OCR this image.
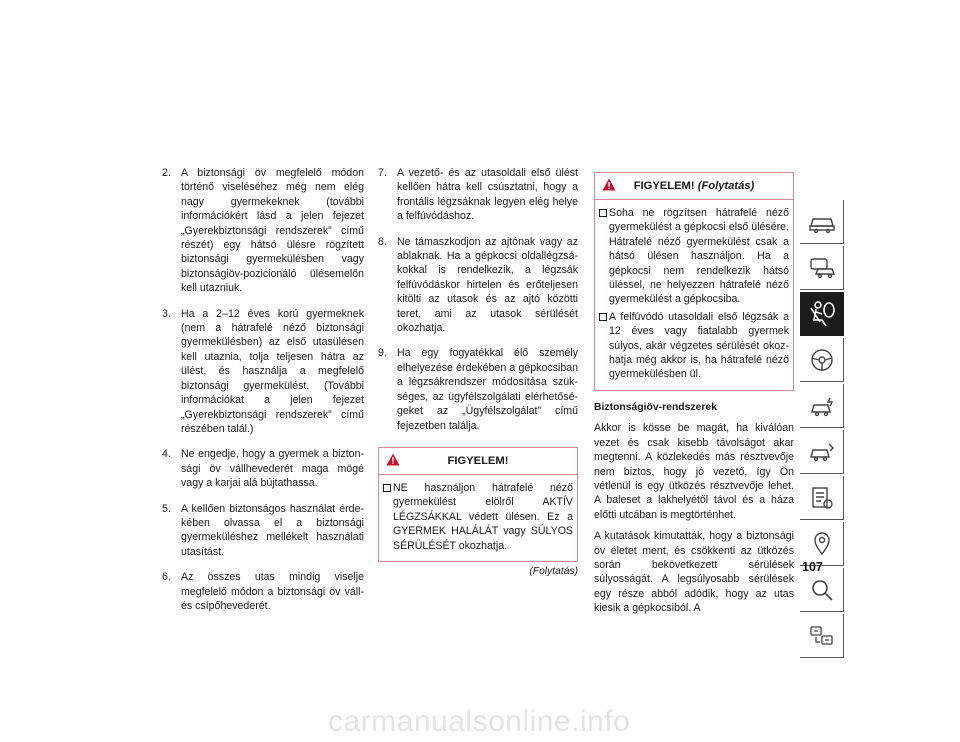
2. A biztonsági öv megfelelő módon történő viseléséhez még nem elég nagy gyermekeknek (további információkért lásd a jelen fejezet „Gyerekbiztonsági rendszerek” című részét) egy hátsó ülésre rögzített biztonsági gyermekülésben vagy biztonságiöv-pozicionáló ülésemelőn kell utazniuk.
3. Ha a 2–12 éves korú gyermeknek (nem a hátrafelé néző biztonsági gyermekülésben) az első utasülésen kell utaznia, tolja teljesen hátra az ülést, és használja a megfelelő biztonsági gyermekülést. (További információkat a jelen fejezet „Gyerekbiztonsági rendszerek” című részében talál.)
4. Ne engedje, hogy a gyermek a biztonsági öv vállhevederét maga mögé vagy a karjai alá bújtathassa.
5. A kellően biztonságos használat érdekében olvassa el a biztonsági gyermeküléshez mellékelt használati utasítást.
6. Az összes utas mindig viselje megfelelő módon a biztonsági öv váll- és csípőhevederét.
7. A vezető- és az utasoldali első ülést kellően hátra kell csúsztatni, hogy a frontális légzsáknak legyen elég helye a felfúvódáshoz.
8. Ne támaszkodjon az ajtónak vagy az ablaknak. Ha a gépkocsi oldallégzsákokkal is rendelkezik, a légzsák felfúvódáskor hirtelen és erőteljesen kitölti az utasok és az ajtó közötti teret, ami az utasok sérülését okozhatja.
9. Ha egy fogyatékkal élő személy elhelyezése érdekében a gépkocsiban a légzsákrendszer módosítása szükséges, az ügyfélszolgálati elérhetőségeket az „Ügyfélszolgálat” című fejezetben találja.
FIGYELEM!
NE használjon hátrafelé néző gyermekülést elölről AKTÍV LÉGZSÁKKAL védett ülésen. Ez a GYERMEK HALÁLÁT vagy SÚLYOS SÉRÜLÉSÉT okozhatja.
(Folytatás)
FIGYELEM! (Folytatás)
Soha ne rögzítsen hátrafelé néző gyermekülést a gépkocsi első ülésére. Hátrafelé néző gyermekülést csak a hátsó ülésen használjon. Ha a gépkocsi nem rendelkezik hátsó üléssel, ne helyezzen hátrafelé néző gyermekülést a gépkocsiba.
A felfúvódó utasoldali első légzsák a 12 éves vagy fiatalabb gyermek súlyos, akár végzetes sérülését okozhatja még akkor is, ha hátrafelé néző gyermekülésben ül.
Biztonságiöv-rendszerek

Akkor is kösse be magát, ha kiválóan vezet és csak kisebb távolságot akar megtenni. A közlekedés más résztvevője nem biztos, hogy jó vezető, így Ön vétlenül is egy ütközés résztvevője lehet. A baleset a lakhelyétől távol és a háza előtti utcában is megtörténhet.

A kutatások kimutatták, hogy a biztonsági öv életet ment, és csökkenti az ütközés során bekövetkezett sérülések súlyosságát. A legsúlyosabb sérülések egy része abból adódik, hogy az utas kiesik a gépkocsiból. A

107
carmanualsonline.info
